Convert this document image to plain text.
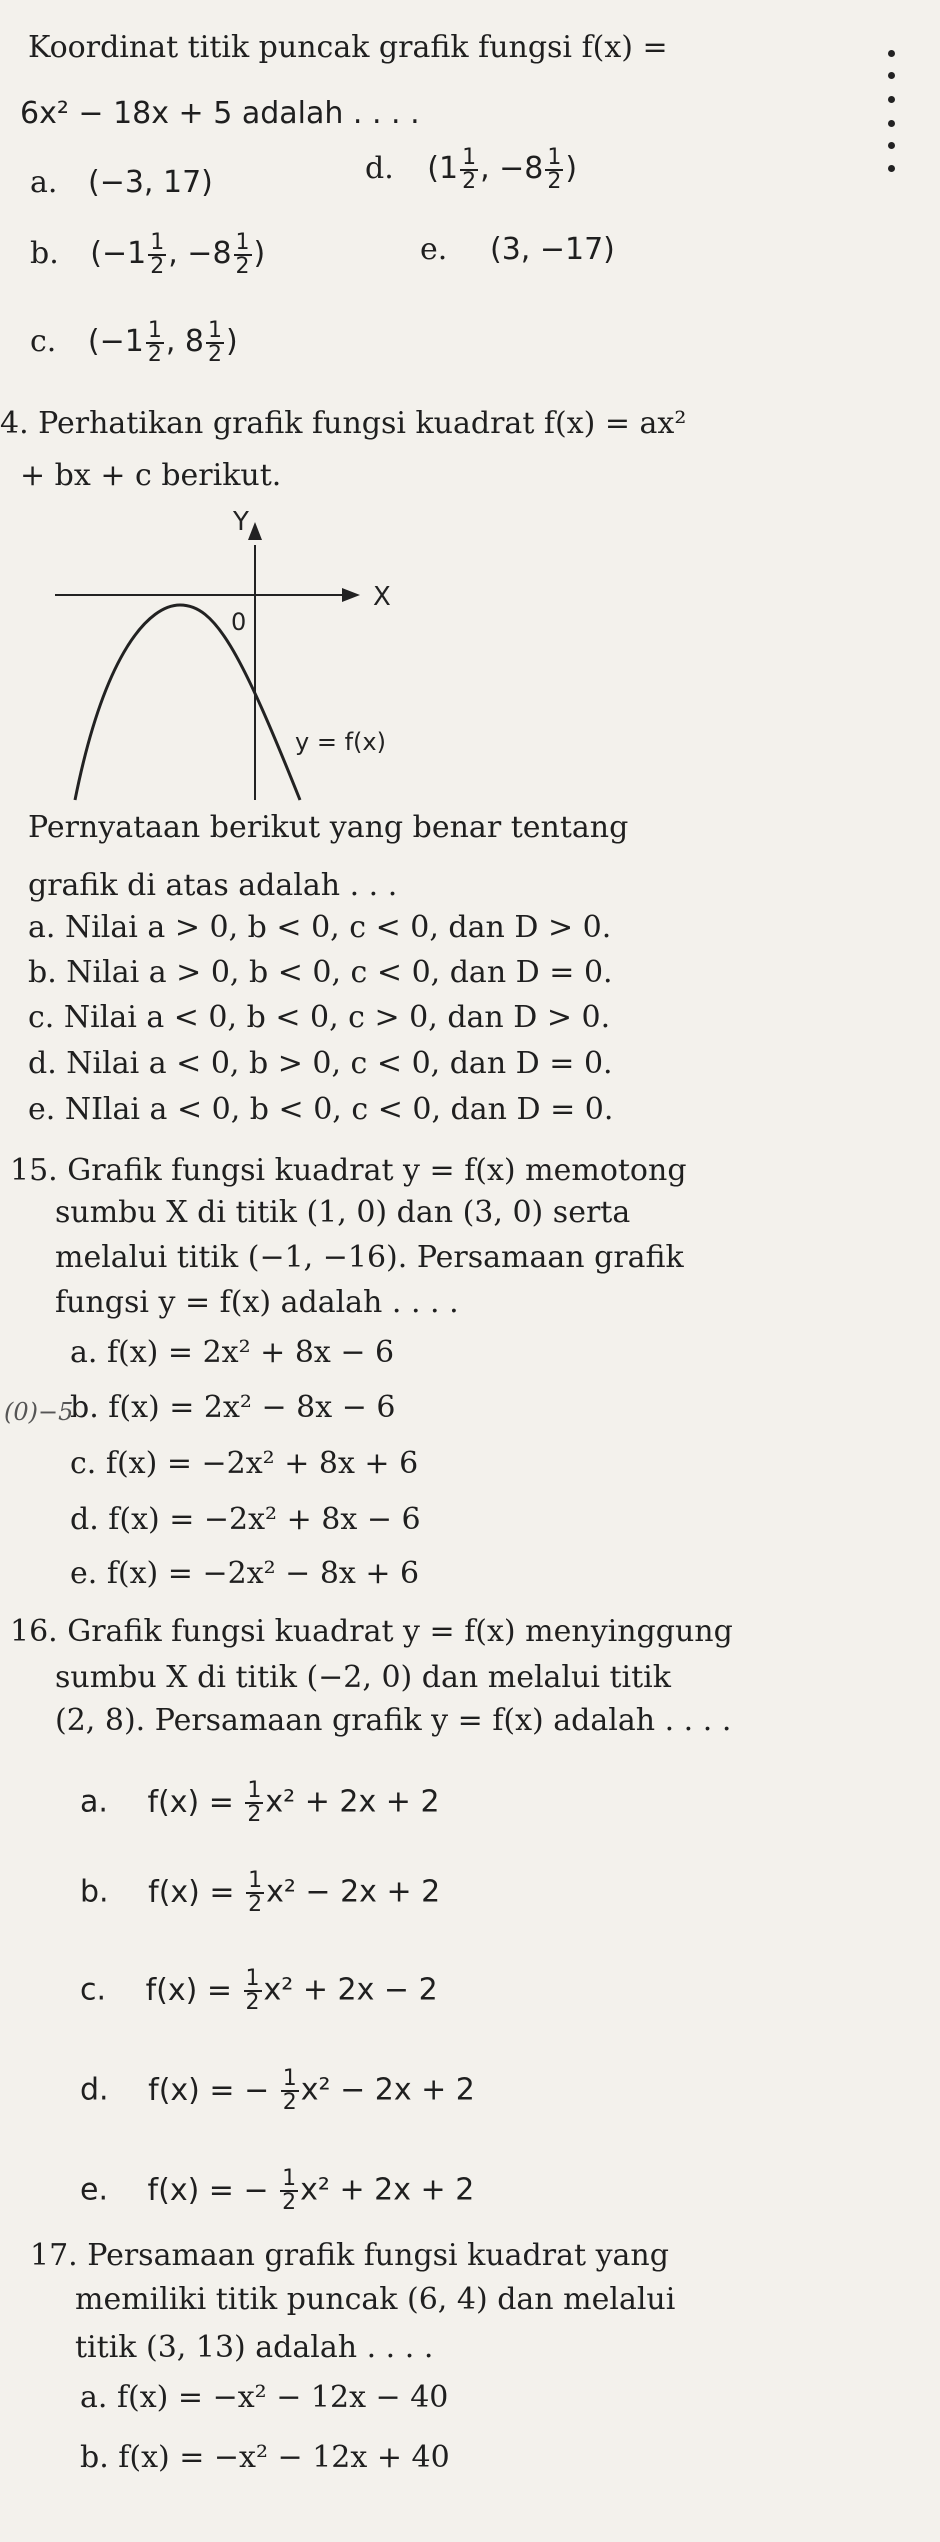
Koordinat titik puncak grafik fungsi f(x) =
6x² − 18x + 5 adalah . . . .
a. (−3, 17)	d. ($1 \frac{1}{2}$ , $-8 \frac{1}{2}$ )
b. ($-1 \frac{1}{2}$ , $-8 \frac{1}{2}$ )	e. (3, −17)
c. ($-1 \frac{1}{2}$ , $8 \frac{1}{2}$ )
4. Perhatikan grafik fungsi kuadrat f(x) = ax²
+ bx + c berikut.
Y
X
0
y = f(x)
Pernyataan berikut yang benar tentang
grafik di atas adalah . . .
a. Nilai a > 0, b < 0, c < 0, dan D > 0.
b. Nilai a > 0, b < 0, c < 0, dan D = 0.
c. Nilai a < 0, b < 0, c > 0, dan D > 0.
d. Nilai a < 0, b > 0, c < 0, dan D = 0.
e. NIlai a < 0, b < 0, c < 0, dan D = 0.
15. Grafik fungsi kuadrat y = f(x) memotong
sumbu X di titik (1, 0) dan (3, 0) serta
melalui titik (−1, −16). Persamaan grafik
fungsi y = f(x) adalah . . . .
a. f(x) = 2x² + 8x − 6
(0)−5
b. f(x) = 2x² − 8x − 6
c. f(x) = −2x² + 8x + 6
d. f(x) = −2x² + 8x − 6
e. f(x) = −2x² − 8x + 6
16. Grafik fungsi kuadrat y = f(x) menyinggung
sumbu X di titik (−2, 0) dan melalui titik
(2, 8). Persamaan grafik y = f(x) adalah . . . .
a. $f(x) = \frac{1}{2} x^2 + 2x + 2$
b. $f(x) = \frac{1}{2} x^2 - 2x + 2$
c. $f(x) = \frac{1}{2} x^2 + 2x - 2$
d. f(x) = − $\frac{1}{2} x^2 - 2x + 2$
e. f(x) = − $\frac{1}{2} x^2 + 2x + 2$
17. Persamaan grafik fungsi kuadrat yang
memiliki titik puncak (6, 4) dan melalui
titik (3, 13) adalah . . . .
a. f(x) = −x² − 12x − 40
b. f(x) = −x² − 12x + 40
